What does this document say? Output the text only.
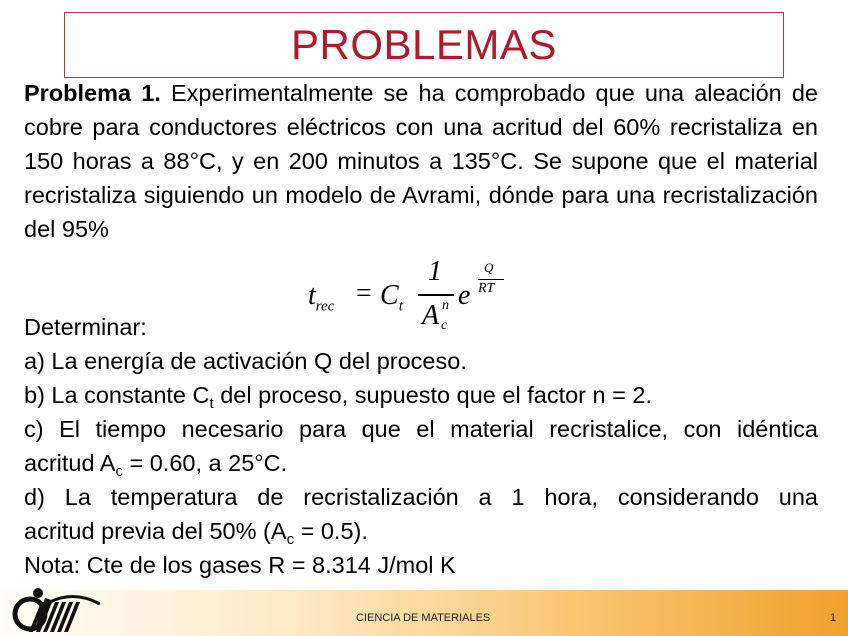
PROBLEMAS
Problema 1. Experimentalmente se ha comprobado que una aleación de cobre para conductores eléctricos con una acritud del 60% recristaliza en 150 horas a 88°C, y en 200 minutos a 135°C. Se supone que el material recristaliza siguiendo un modelo de Avrami, dónde para una recristalización del 95%
$t_{rec} = C_t$
1
A n
c
e
Q
RT
Determinar:
a) La energía de activación Q del proceso.
b) La constante $C_t$ del proceso, supuesto que el factor n = 2.
c) El tiempo necesario para que el material recristalice, con idéntica
acritud $A_c = 0.60$, a 25°C.
d) La temperatura de recristalización a 1 hora, considerando una
acritud previa del 50% $(A_c = 0.5)$.
Nota: Cte de los gases R = 8.314 J/mol K
CIENCIA DE MATERIALES	1
